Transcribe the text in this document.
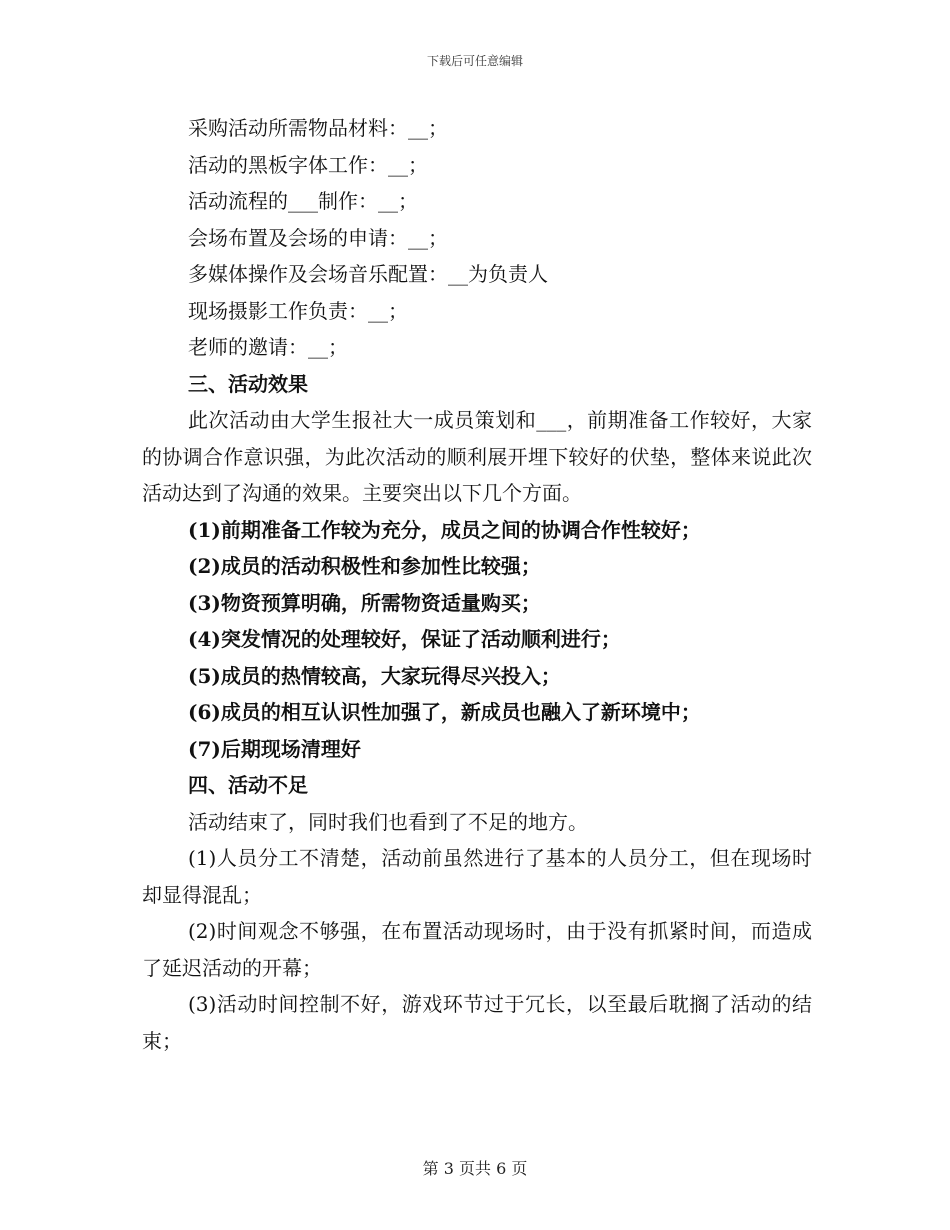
下载后可任意编辑
采购活动所需物品材料：__；
活动的黑板字体工作：__；
活动流程的___制作：__；
会场布置及会场的申请：__；
多媒体操作及会场音乐配置：__为负责人
现场摄影工作负责：__；
老师的邀请：__；
三、活动效果
此次活动由大学生报社大一成员策划和___，前期准备工作较好，大家的协调合作意识强，为此次活动的顺利展开埋下较好的伏垫，整体来说此次活动达到了沟通的效果。主要突出以下几个方面。
(1)前期准备工作较为充分，成员之间的协调合作性较好；
(2)成员的活动积极性和参加性比较强；
(3)物资预算明确，所需物资适量购买；
(4)突发情况的处理较好，保证了活动顺利进行；
(5)成员的热情较高，大家玩得尽兴投入；
(6)成员的相互认识性加强了，新成员也融入了新环境中；
(7)后期现场清理好
四、活动不足
活动结束了，同时我们也看到了不足的地方。
(1)人员分工不清楚，活动前虽然进行了基本的人员分工，但在现场时却显得混乱；
(2)时间观念不够强，在布置活动现场时，由于没有抓紧时间，而造成了延迟活动的开幕；
(3)活动时间控制不好，游戏环节过于冗长，以至最后耽搁了活动的结束；
第 3 页共 6 页
